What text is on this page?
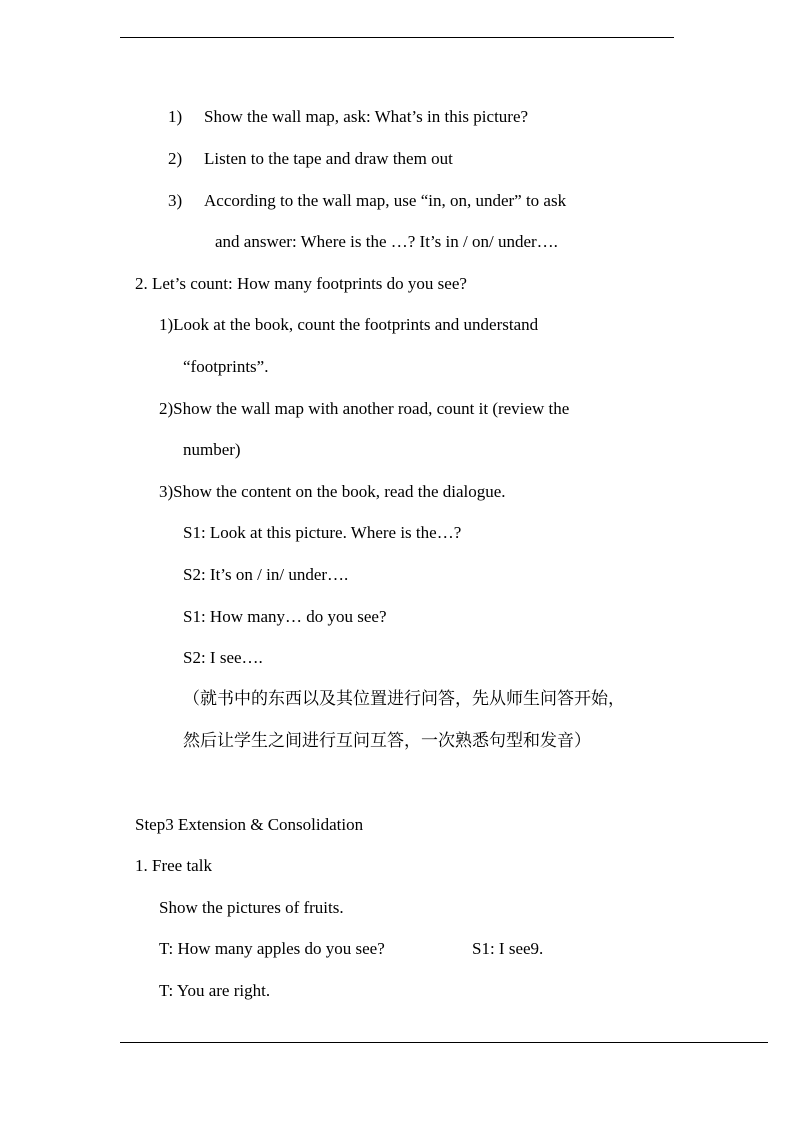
1) Show the wall map, ask: What’s in this picture?
2) Listen to the tape and draw them out
3) According to the wall map, use “in, on, under” to ask
and answer: Where is the …? It’s in / on/ under….
2. Let’s count: How many footprints do you see?
1)Look at the book, count the footprints and understand
“footprints”.
2)Show the wall map with another road, count it (review the
number)
3)Show the content on the book, read the dialogue.
S1: Look at this picture. Where is the…?
S2: It’s on / in/ under….
S1: How many… do you see?
S2: I see….
（就书中的东西以及其位置进行问答，先从师生问答开始，
然后让学生之间进行互问互答，一次熟悉句型和发音）
Step3 Extension & Consolidation
1. Free talk
Show the pictures of fruits.
T: How many apples do you see?	S1: I see9.
T: You are right.
